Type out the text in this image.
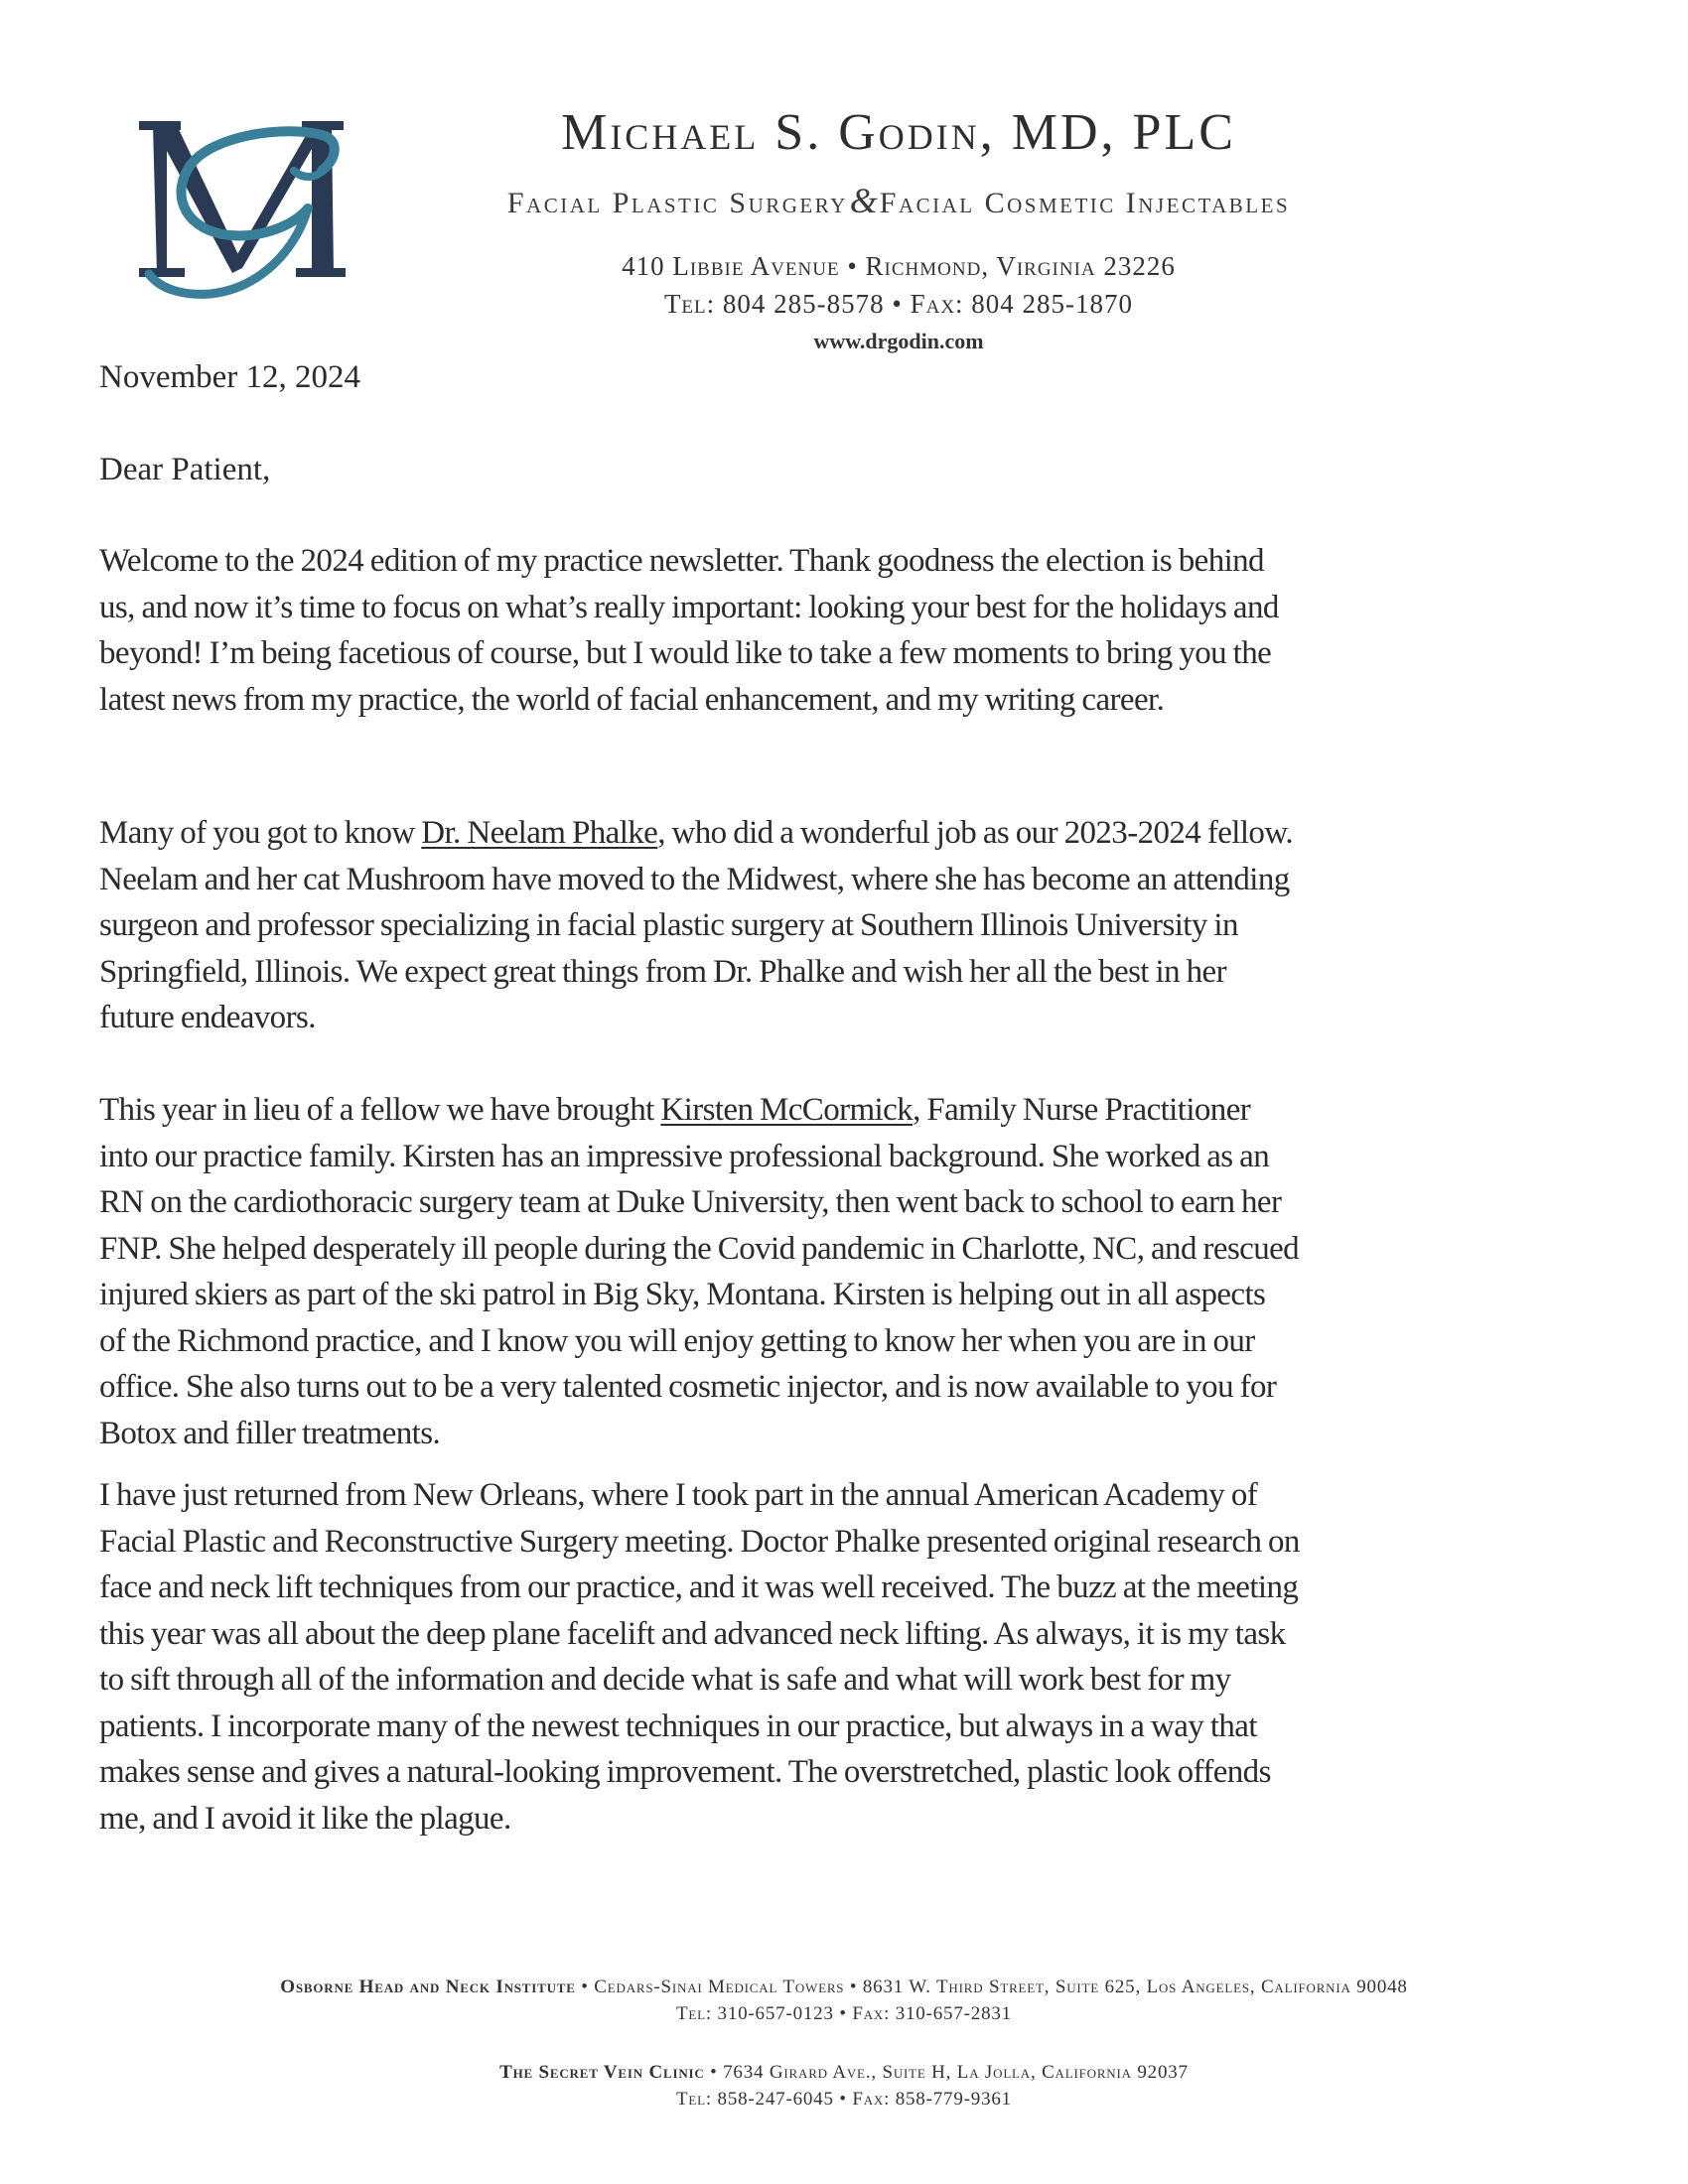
Michael S. Godin, MD, PLC
Facial Plastic Surgery&Facial Cosmetic Injectables
410 Libbie Avenue • Richmond, Virginia 23226
Tel: 804 285-8578 • Fax: 804 285-1870
www.drgodin.com
November 12, 2024
Dear Patient,
Welcome to the 2024 edition of my practice newsletter. Thank goodness the election is behind
us, and now it’s time to focus on what’s really important: looking your best for the holidays and
beyond! I’m being facetious of course, but I would like to take a few moments to bring you the
latest news from my practice, the world of facial enhancement, and my writing career.
Many of you got to know Dr. Neelam Phalke, who did a wonderful job as our 2023-2024 fellow.
Neelam and her cat Mushroom have moved to the Midwest, where she has become an attending
surgeon and professor specializing in facial plastic surgery at Southern Illinois University in
Springfield, Illinois. We expect great things from Dr. Phalke and wish her all the best in her
future endeavors.
This year in lieu of a fellow we have brought Kirsten McCormick, Family Nurse Practitioner
into our practice family. Kirsten has an impressive professional background. She worked as an
RN on the cardiothoracic surgery team at Duke University, then went back to school to earn her
FNP. She helped desperately ill people during the Covid pandemic in Charlotte, NC, and rescued
injured skiers as part of the ski patrol in Big Sky, Montana. Kirsten is helping out in all aspects
of the Richmond practice, and I know you will enjoy getting to know her when you are in our
office. She also turns out to be a very talented cosmetic injector, and is now available to you for
Botox and filler treatments.
I have just returned from New Orleans, where I took part in the annual American Academy of
Facial Plastic and Reconstructive Surgery meeting. Doctor Phalke presented original research on
face and neck lift techniques from our practice, and it was well received. The buzz at the meeting
this year was all about the deep plane facelift and advanced neck lifting. As always, it is my task
to sift through all of the information and decide what is safe and what will work best for my
patients. I incorporate many of the newest techniques in our practice, but always in a way that
makes sense and gives a natural-looking improvement. The overstretched, plastic look offends
me, and I avoid it like the plague.
Osborne Head and Neck Institute • Cedars-Sinai Medical Towers • 8631 W. Third Street, Suite 625, Los Angeles, California 90048
Tel: 310-657-0123 • Fax: 310-657-2831
The Secret Vein Clinic • 7634 Girard Ave., Suite H, La Jolla, California 92037
Tel: 858-247-6045 • Fax: 858-779-9361
